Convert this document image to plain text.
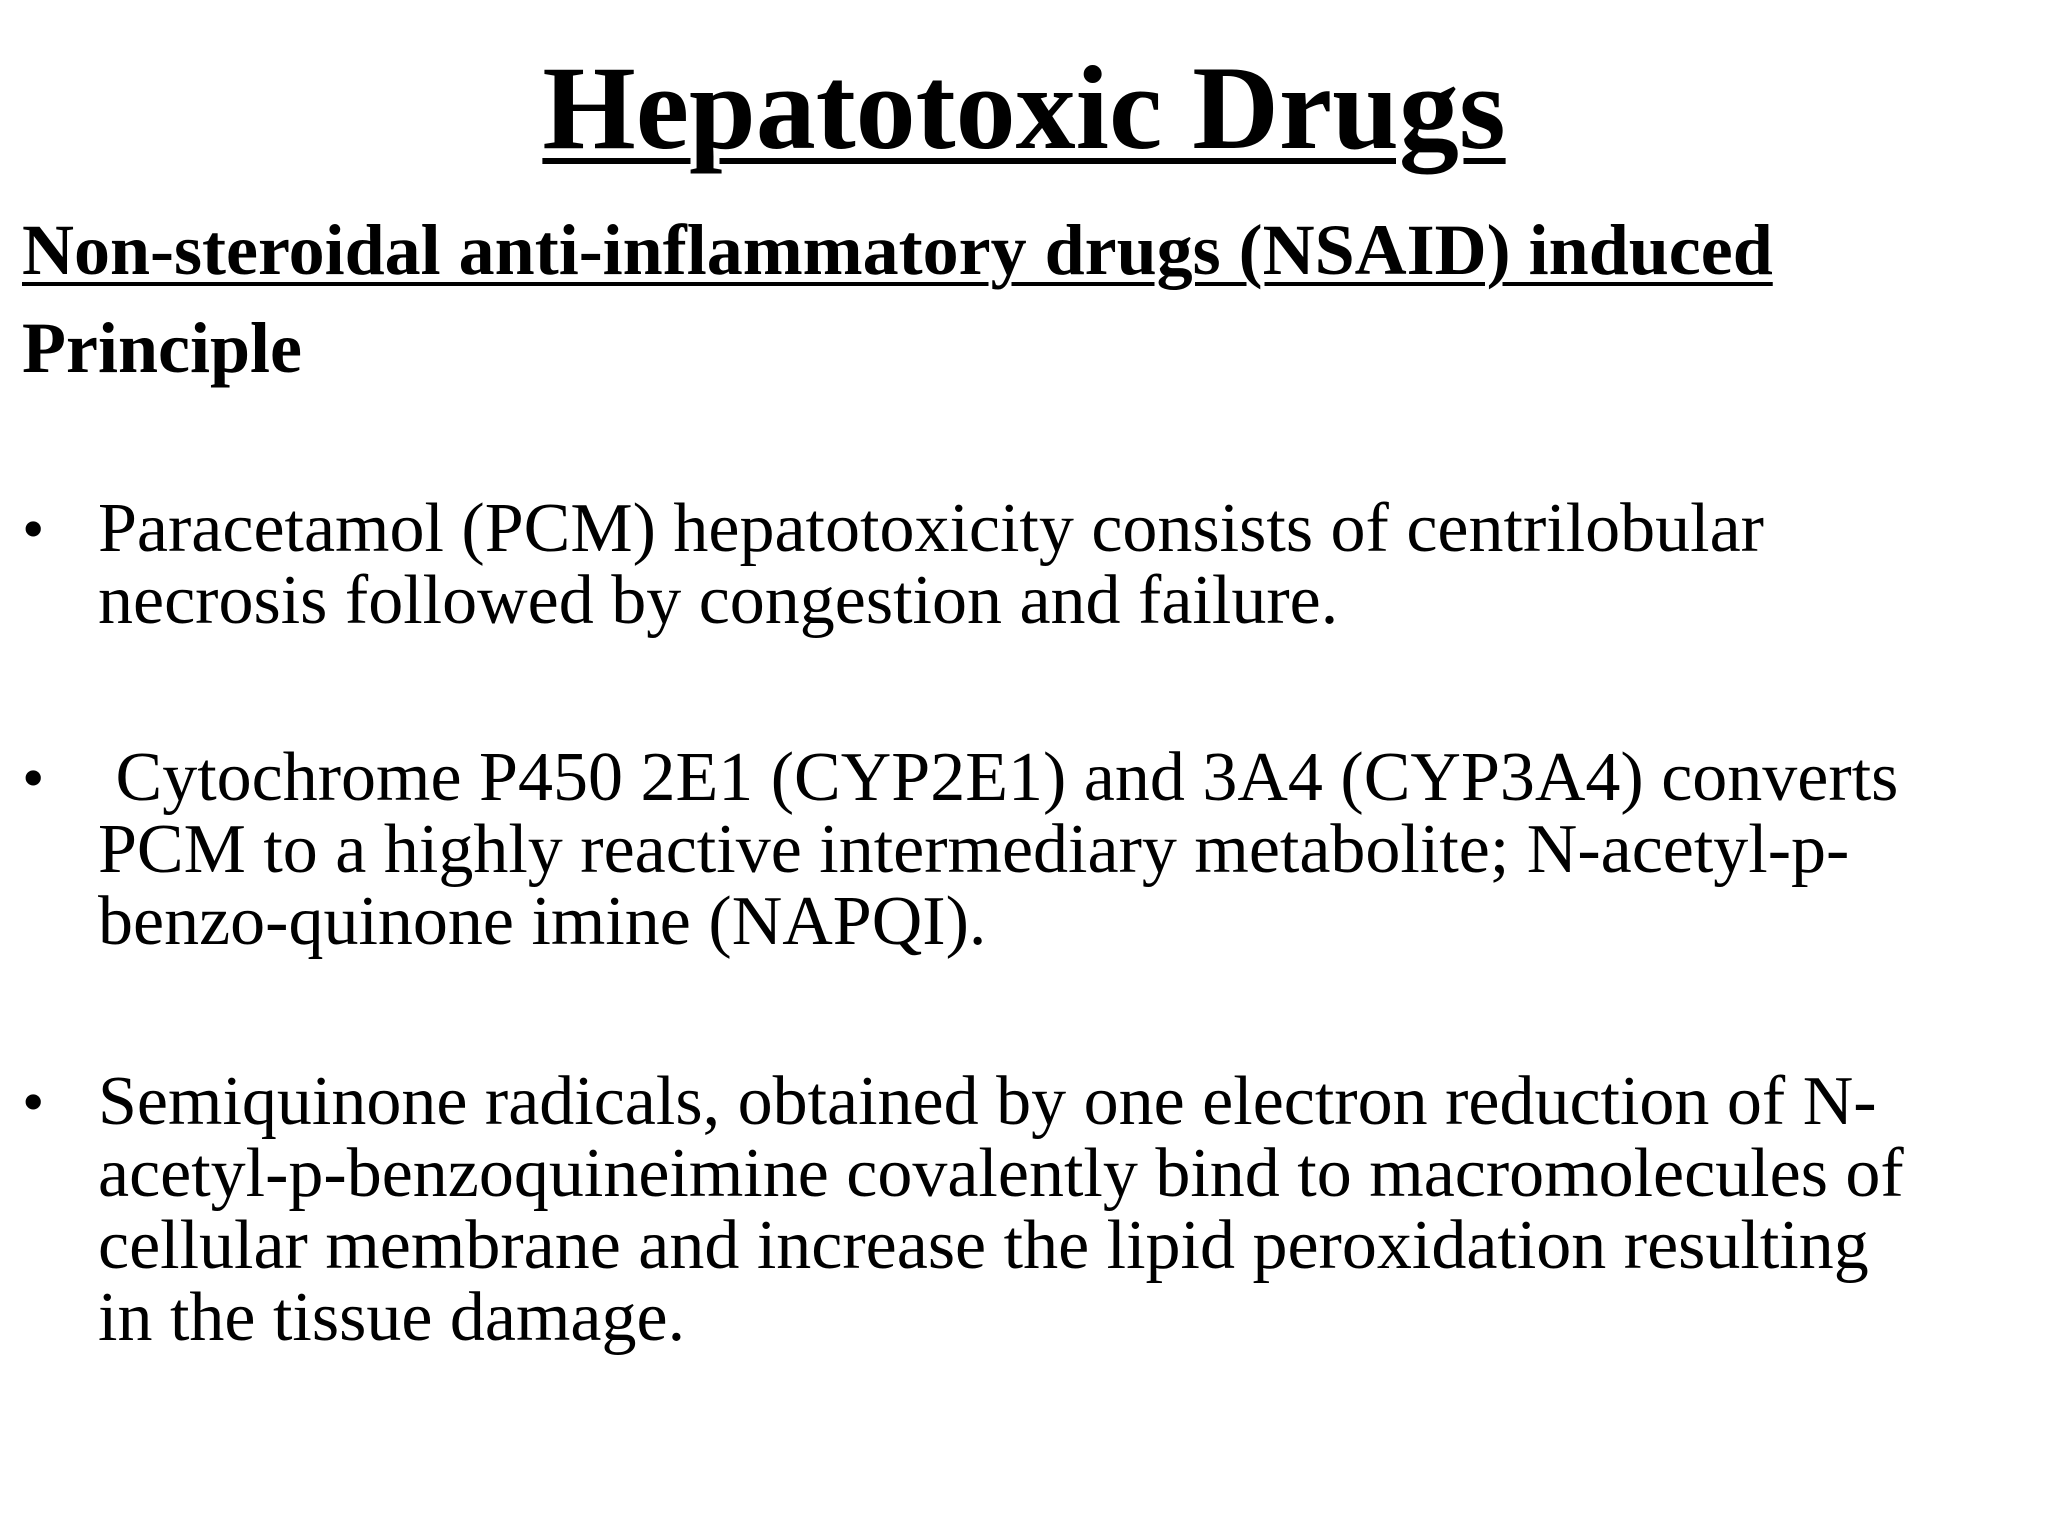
Hepatotoxic Drugs
Non-steroidal anti-inflammatory drugs (NSAID) induced
Principle
• Paracetamol (PCM) hepatotoxicity consists of centrilobular
necrosis followed by congestion and failure.

• Cytochrome P450 2E1 (CYP2E1) and 3A4 (CYP3A4) converts
PCM to a highly reactive intermediary metabolite; N-acetyl-p-
benzo-quinone imine (NAPQI).

• Semiquinone radicals, obtained by one electron reduction of N-
acetyl-p-benzoquineimine covalently bind to macromolecules of
cellular membrane and increase the lipid peroxidation resulting
in the tissue damage.
